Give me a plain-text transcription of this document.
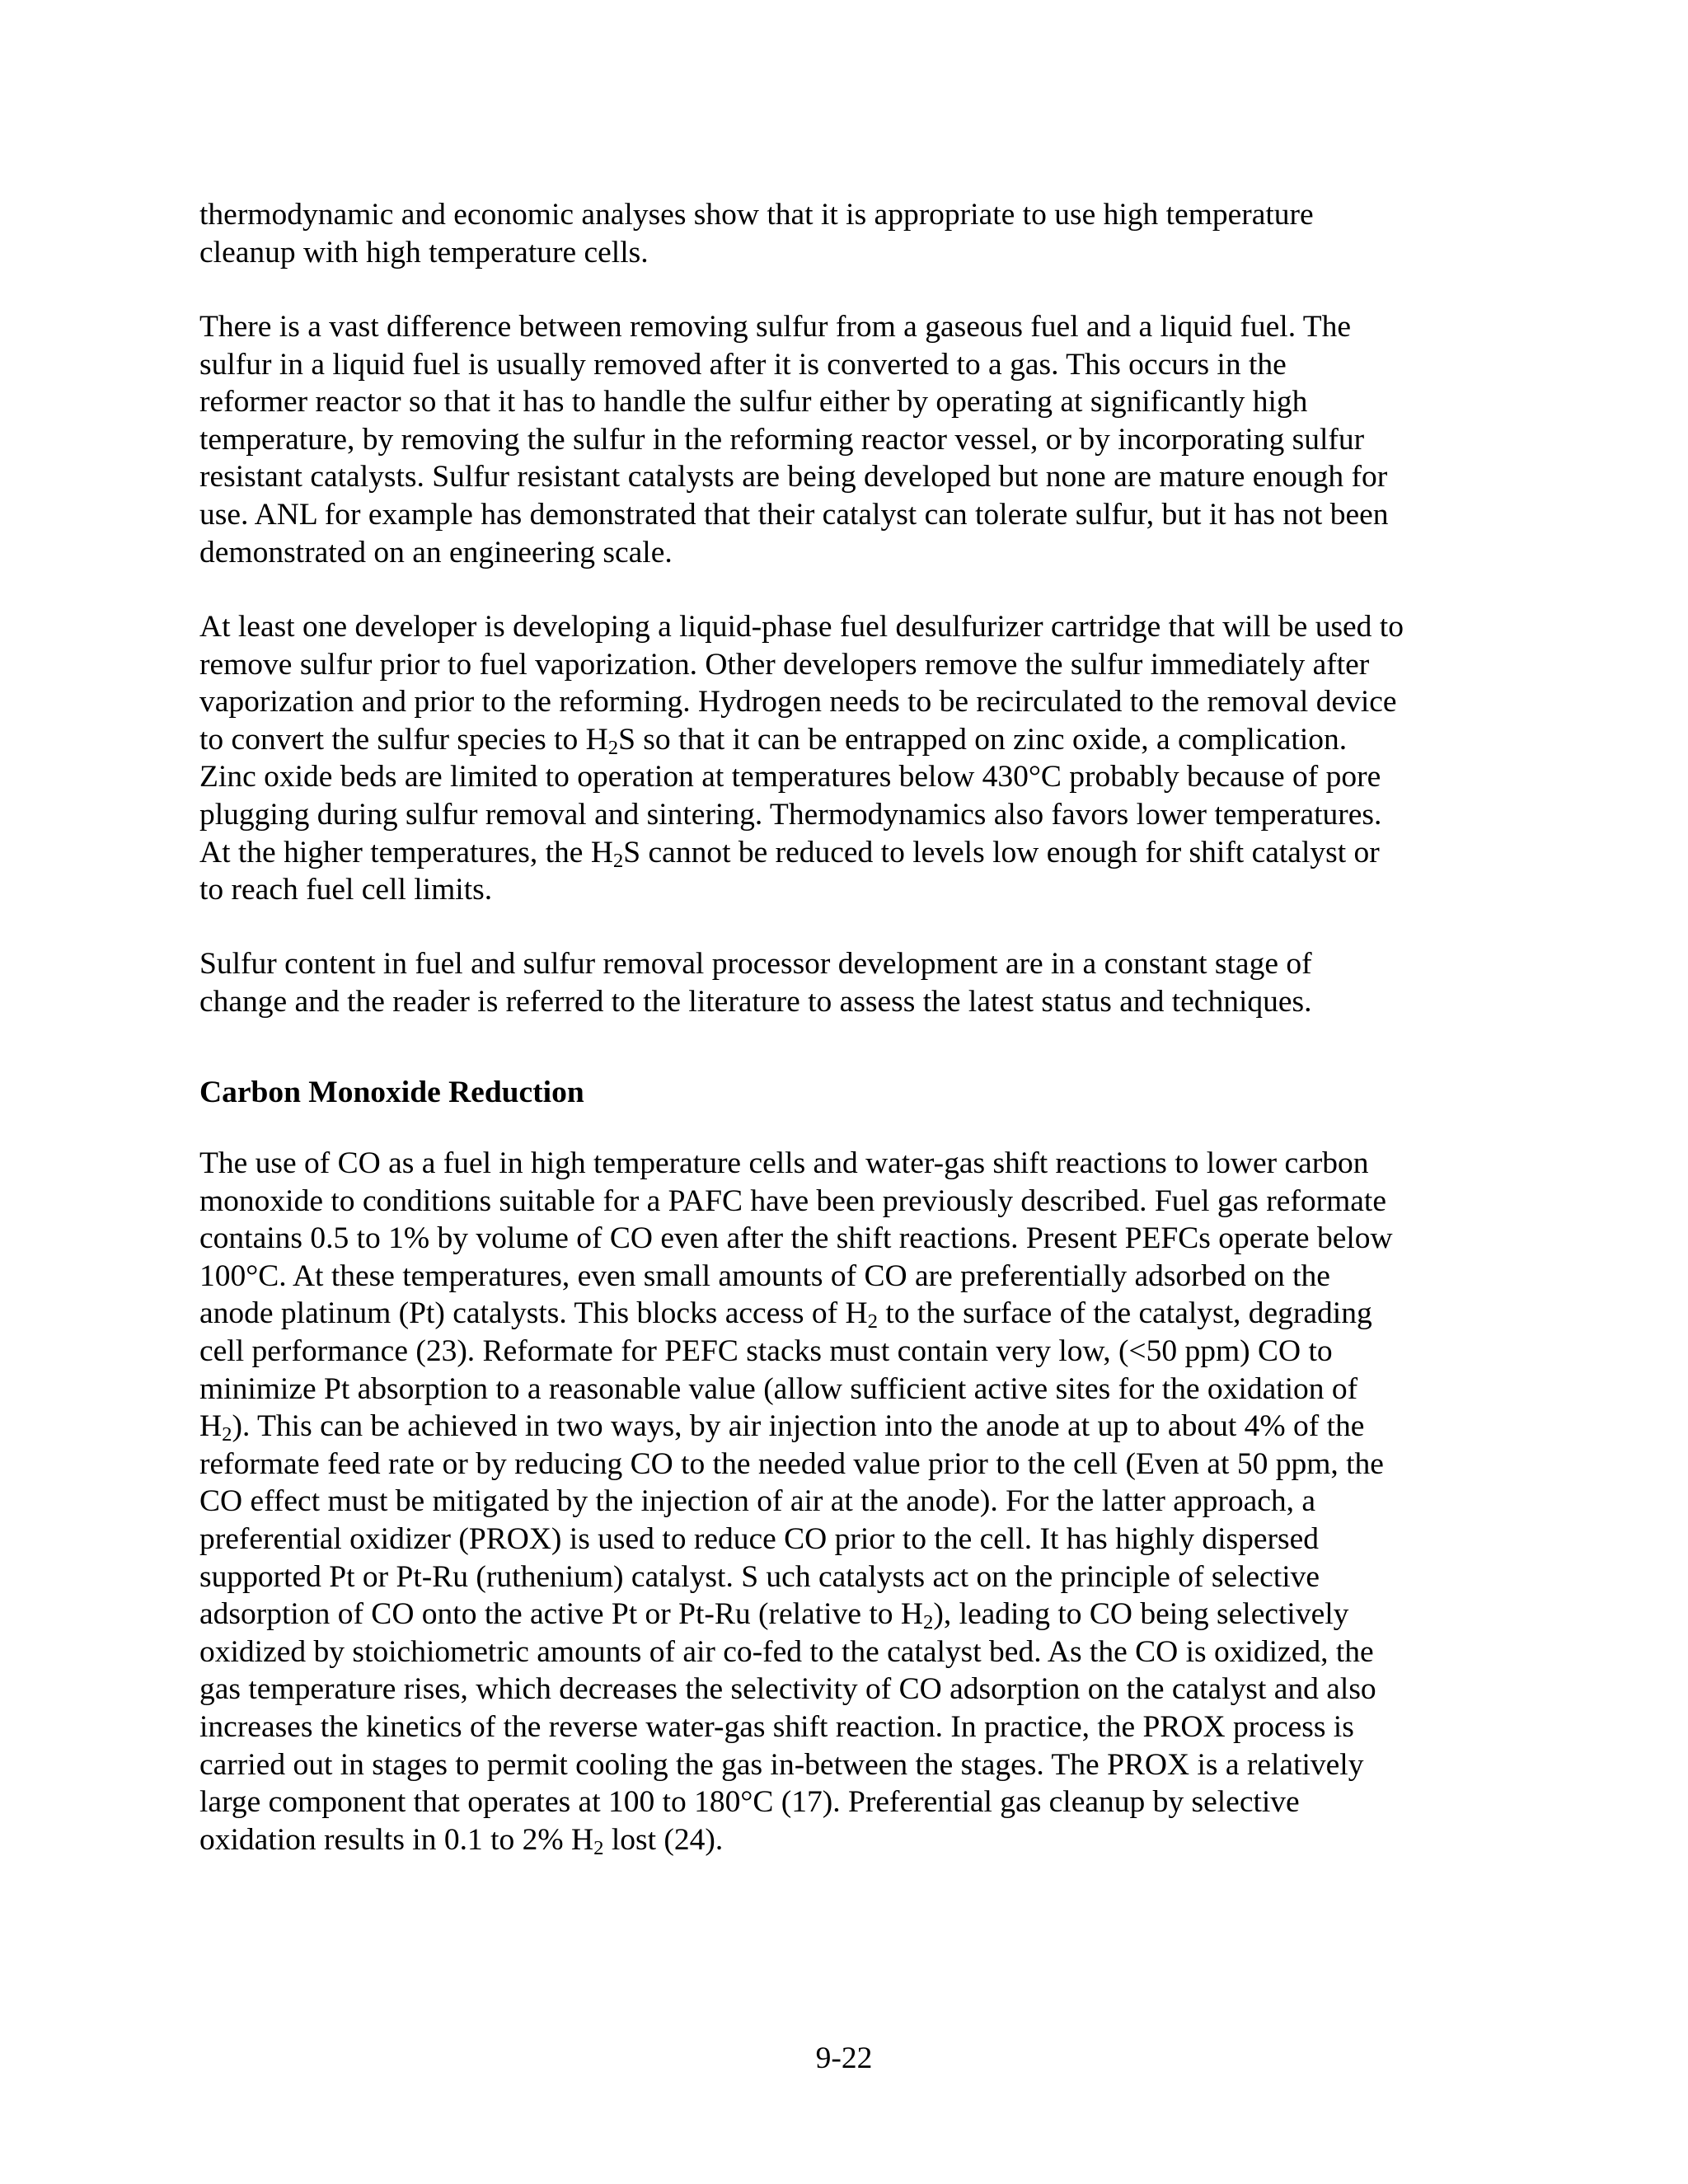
thermodynamic and economic analyses show that it is appropriate to use high temperature
cleanup with high temperature cells.

There is a vast difference between removing sulfur from a gaseous fuel and a liquid fuel. The
sulfur in a liquid fuel is usually removed after it is converted to a gas. This occurs in the
reformer reactor so that it has to handle the sulfur either by operating at significantly high
temperature, by removing the sulfur in the reforming reactor vessel, or by incorporating sulfur
resistant catalysts. Sulfur resistant catalysts are being developed but none are mature enough for
use. ANL for example has demonstrated that their catalyst can tolerate sulfur, but it has not been
demonstrated on an engineering scale.

At least one developer is developing a liquid-phase fuel desulfurizer cartridge that will be used to
remove sulfur prior to fuel vaporization. Other developers remove the sulfur immediately after
vaporization and prior to the reforming. Hydrogen needs to be recirculated to the removal device
to convert the sulfur species to $H_2S$ so that it can be entrapped on zinc oxide, a complication.
Zinc oxide beds are limited to operation at temperatures below 430°C probably because of pore
plugging during sulfur removal and sintering. Thermodynamics also favors lower temperatures.
At the higher temperatures, the $H_2S$ cannot be reduced to levels low enough for shift catalyst or
to reach fuel cell limits.

Sulfur content in fuel and sulfur removal processor development are in a constant stage of
change and the reader is referred to the literature to assess the latest status and techniques.

Carbon Monoxide Reduction

The use of CO as a fuel in high temperature cells and water-gas shift reactions to lower carbon
monoxide to conditions suitable for a PAFC have been previously described. Fuel gas reformate
contains 0.5 to 1% by volume of CO even after the shift reactions. Present PEFCs operate below
100°C. At these temperatures, even small amounts of CO are preferentially adsorbed on the
anode platinum (Pt) catalysts. This blocks access of $H_2$ to the surface of the catalyst, degrading
cell performance (23). Reformate for PEFC stacks must contain very low, (<50 ppm) CO to
minimize Pt absorption to a reasonable value (allow sufficient active sites for the oxidation of
$H_2$). This can be achieved in two ways, by air injection into the anode at up to about 4% of the
reformate feed rate or by reducing CO to the needed value prior to the cell (Even at 50 ppm, the
CO effect must be mitigated by the injection of air at the anode). For the latter approach, a
preferential oxidizer (PROX) is used to reduce CO prior to the cell. It has highly dispersed
supported Pt or Pt-Ru (ruthenium) catalyst. S uch catalysts act on the principle of selective
adsorption of CO onto the active Pt or Pt-Ru (relative to $H_2$), leading to CO being selectively
oxidized by stoichiometric amounts of air co-fed to the catalyst bed. As the CO is oxidized, the
gas temperature rises, which decreases the selectivity of CO adsorption on the catalyst and also
increases the kinetics of the reverse water-gas shift reaction. In practice, the PROX process is
carried out in stages to permit cooling the gas in-between the stages. The PROX is a relatively
large component that operates at 100 to 180°C (17). Preferential gas cleanup by selective
oxidation results in 0.1 to 2% $H_2$ lost (24).

9-22
